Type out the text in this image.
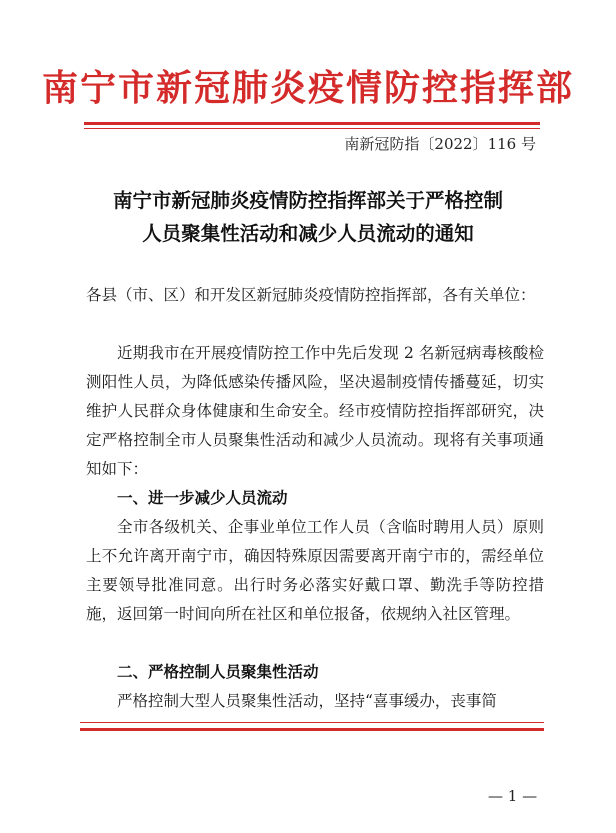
南宁市新冠肺炎疫情防控指挥部
南新冠防指〔2022〕116 号
南宁市新冠肺炎疫情防控指挥部关于严格控制
人员聚集性活动和减少人员流动的通知
各县（市、区）和开发区新冠肺炎疫情防控指挥部，各有关单位：
近期我市在开展疫情防控工作中先后发现 2 名新冠病毒核酸检测阳性人员，为降低感染传播风险，坚决遏制疫情传播蔓延，切实维护人民群众身体健康和生命安全。经市疫情防控指挥部研究，决定严格控制全市人员聚集性活动和减少人员流动。现将有关事项通知如下：
一、进一步减少人员流动
全市各级机关、企事业单位工作人员（含临时聘用人员）原则上不允许离开南宁市，确因特殊原因需要离开南宁市的，需经单位主要领导批准同意。出行时务必落实好戴口罩、勤洗手等防控措施，返回第一时间向所在社区和单位报备，依规纳入社区管理。
二、严格控制人员聚集性活动
严格控制大型人员聚集性活动，坚持“喜事缓办，丧事简
— 1 —
